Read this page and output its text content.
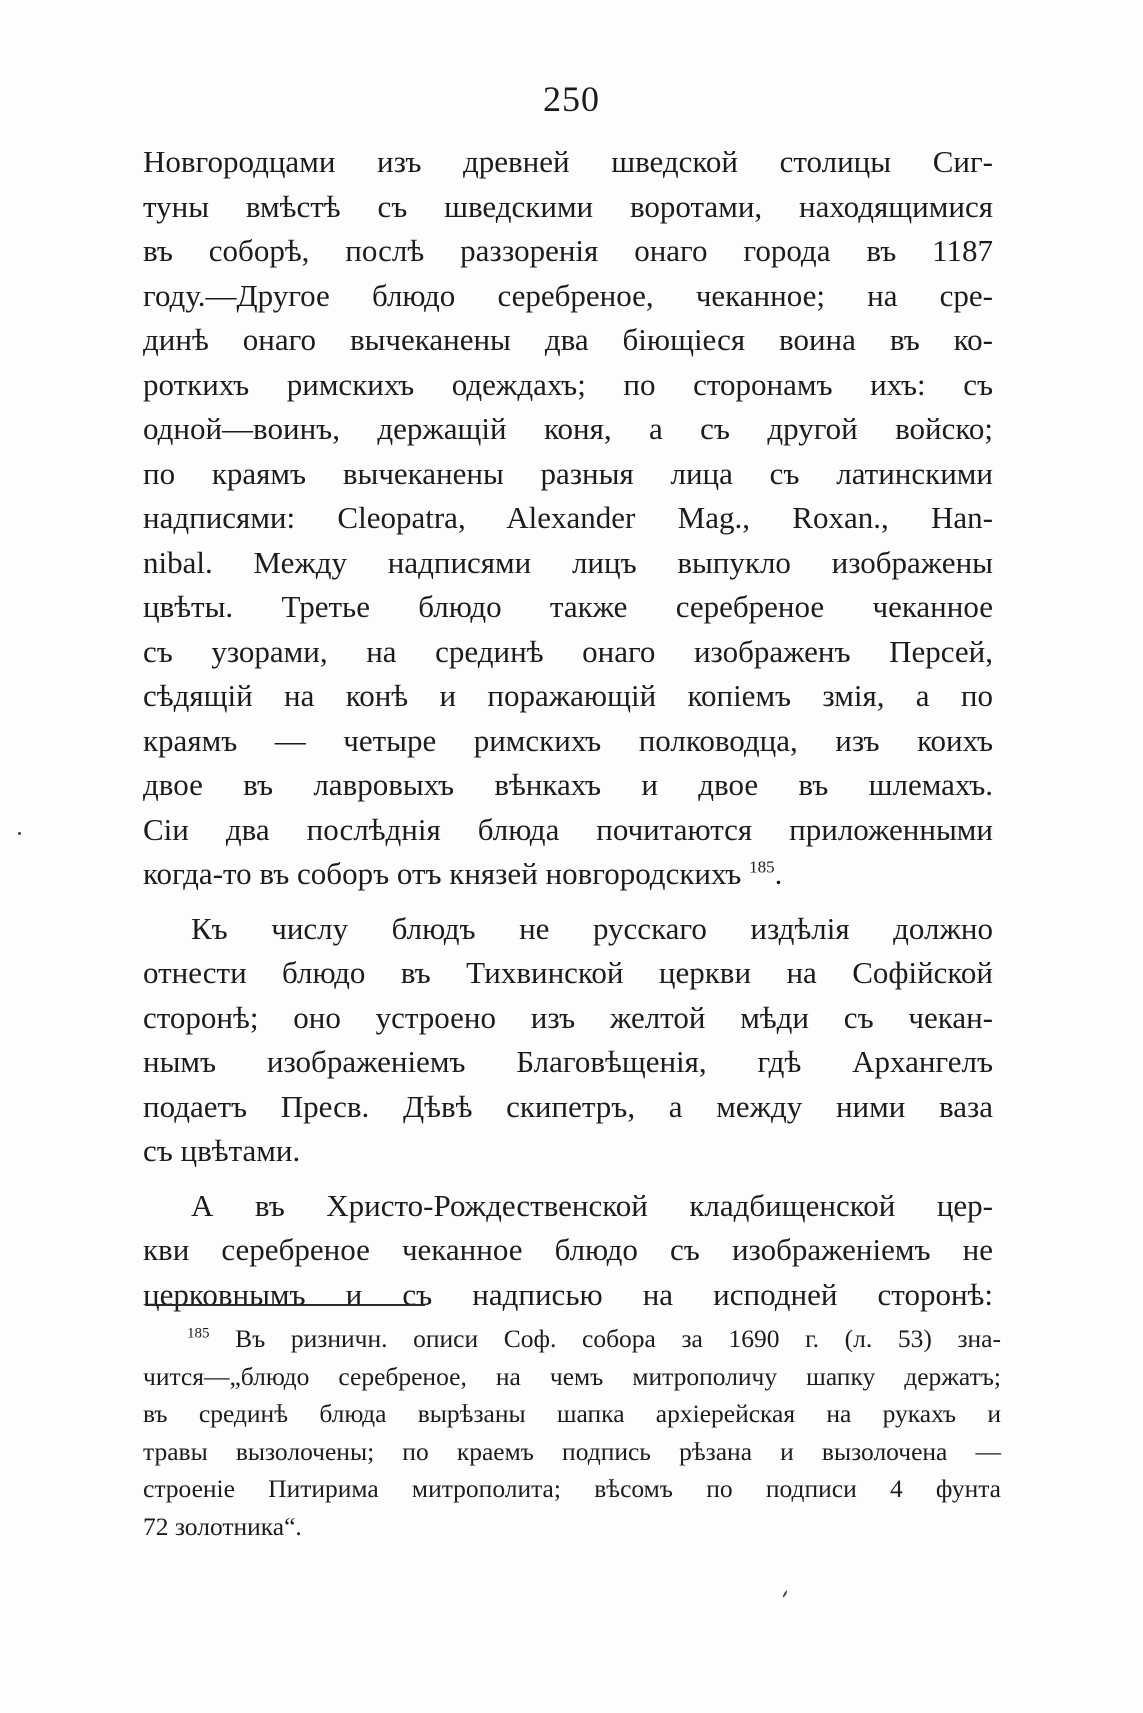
250
Новгородцами изъ древней шведской столицы Сиг-
туны вмѣстѣ съ шведскими воротами, находящимися
въ соборѣ, послѣ раззоренія онаго города въ 1187
году.—Другое блюдо серебреное, чеканное; на сре-
динѣ онаго вычеканены два біющіеся воина въ ко-
роткихъ римскихъ одеждахъ; по сторонамъ ихъ: съ
одной—воинъ, держащій коня, а съ другой войско;
по краямъ вычеканены разныя лица съ латинскими
надписями: Cleopatra, Alexander Mag., Roxan., Han-
nibal. Между надписями лицъ выпукло изображены
цвѣты. Третье блюдо также серебреное чеканное
съ узорами, на срединѣ онаго изображенъ Персей,
сѣдящій на конѣ и поражающій копіемъ змія, а по
краямъ — четыре римскихъ полководца, изъ коихъ
двое въ лавровыхъ вѣнкахъ и двое въ шлемахъ.
Сіи два послѣднія блюда почитаются приложенными
когда-то въ соборъ отъ князей новгородскихъ $^{185}$.
Къ числу блюдъ не русскаго издѣлія должно
отнести блюдо въ Тихвинской церкви на Софійской
сторонѣ; оно устроено изъ желтой мѣди съ чекан-
нымъ изображеніемъ Благовѣщенія, гдѣ Архангелъ
подаетъ Пресв. Дѣвѣ скипетръ, а между ними ваза
съ цвѣтами.
А въ Христо-Рождественской кладбищенской цер-
кви серебреное чеканное блюдо съ изображеніемъ не
церковнымъ и съ надписью на исподней сторонѣ:
$^{185}$ Въ ризничн. описи Соф. собора за 1690 г. (л. 53) зна-
чится—„блюдо серебреное, на чемъ митрополичу шапку держатъ;
въ срединѣ блюда вырѣзаны шапка архіерейская на рукахъ и
травы вызолочены; по краемъ подпись рѣзана и вызолочена —
строеніе Питирима митрополита; вѣсомъ по подписи 4 фунта
72 золотника“.
